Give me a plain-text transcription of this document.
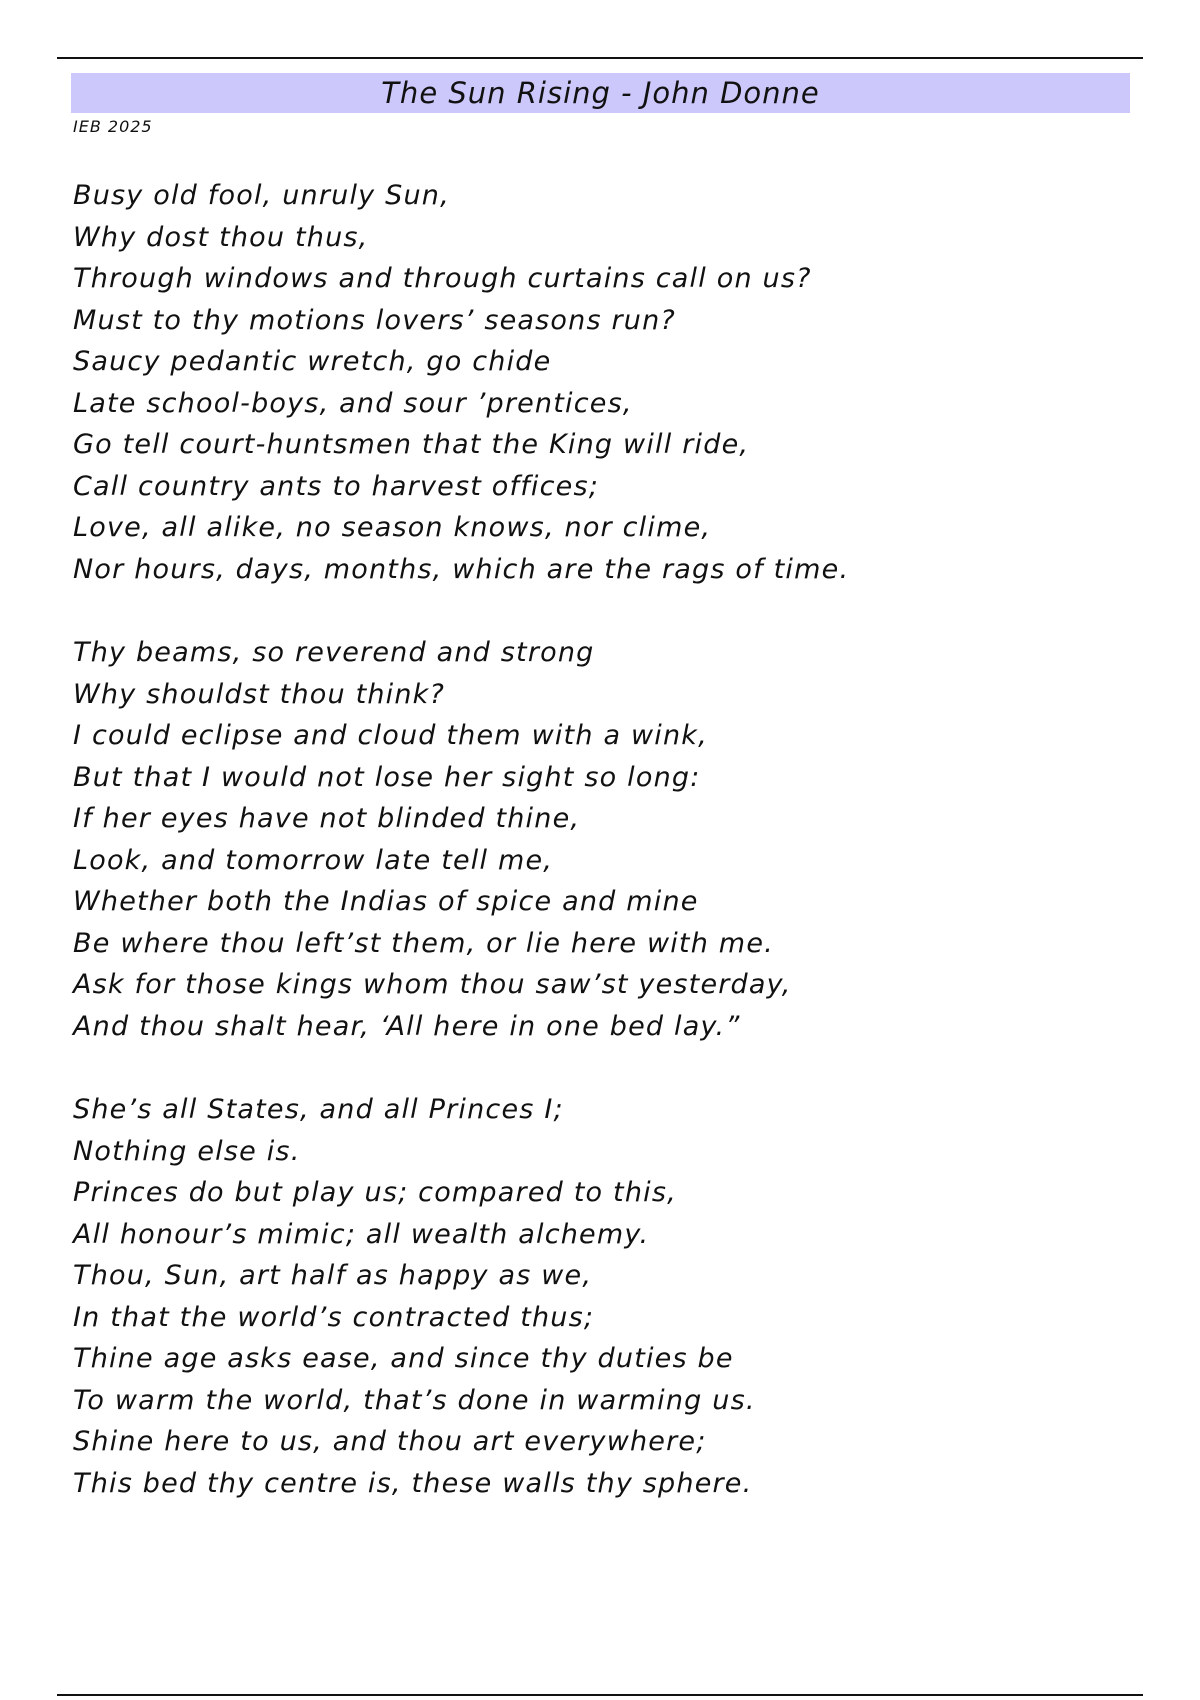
The Sun Rising - John Donne
IEB 2025
Busy old fool, unruly Sun,
Why dost thou thus,
Through windows and through curtains call on us?
Must to thy motions lovers’ seasons run?
Saucy pedantic wretch, go chide
Late school-boys, and sour ’prentices,
Go tell court-huntsmen that the King will ride,
Call country ants to harvest offices;
Love, all alike, no season knows, nor clime,
Nor hours, days, months, which are the rags of time.
Thy beams, so reverend and strong
Why shouldst thou think?
I could eclipse and cloud them with a wink,
But that I would not lose her sight so long:
If her eyes have not blinded thine,
Look, and tomorrow late tell me,
Whether both the Indias of spice and mine
Be where thou left’st them, or lie here with me.
Ask for those kings whom thou saw’st yesterday,
And thou shalt hear, ‘All here in one bed lay.”
She’s all States, and all Princes I;
Nothing else is.
Princes do but play us; compared to this,
All honour’s mimic; all wealth alchemy.
Thou, Sun, art half as happy as we,
In that the world’s contracted thus;
Thine age asks ease, and since thy duties be
To warm the world, that’s done in warming us.
Shine here to us, and thou art everywhere;
This bed thy centre is, these walls thy sphere.
